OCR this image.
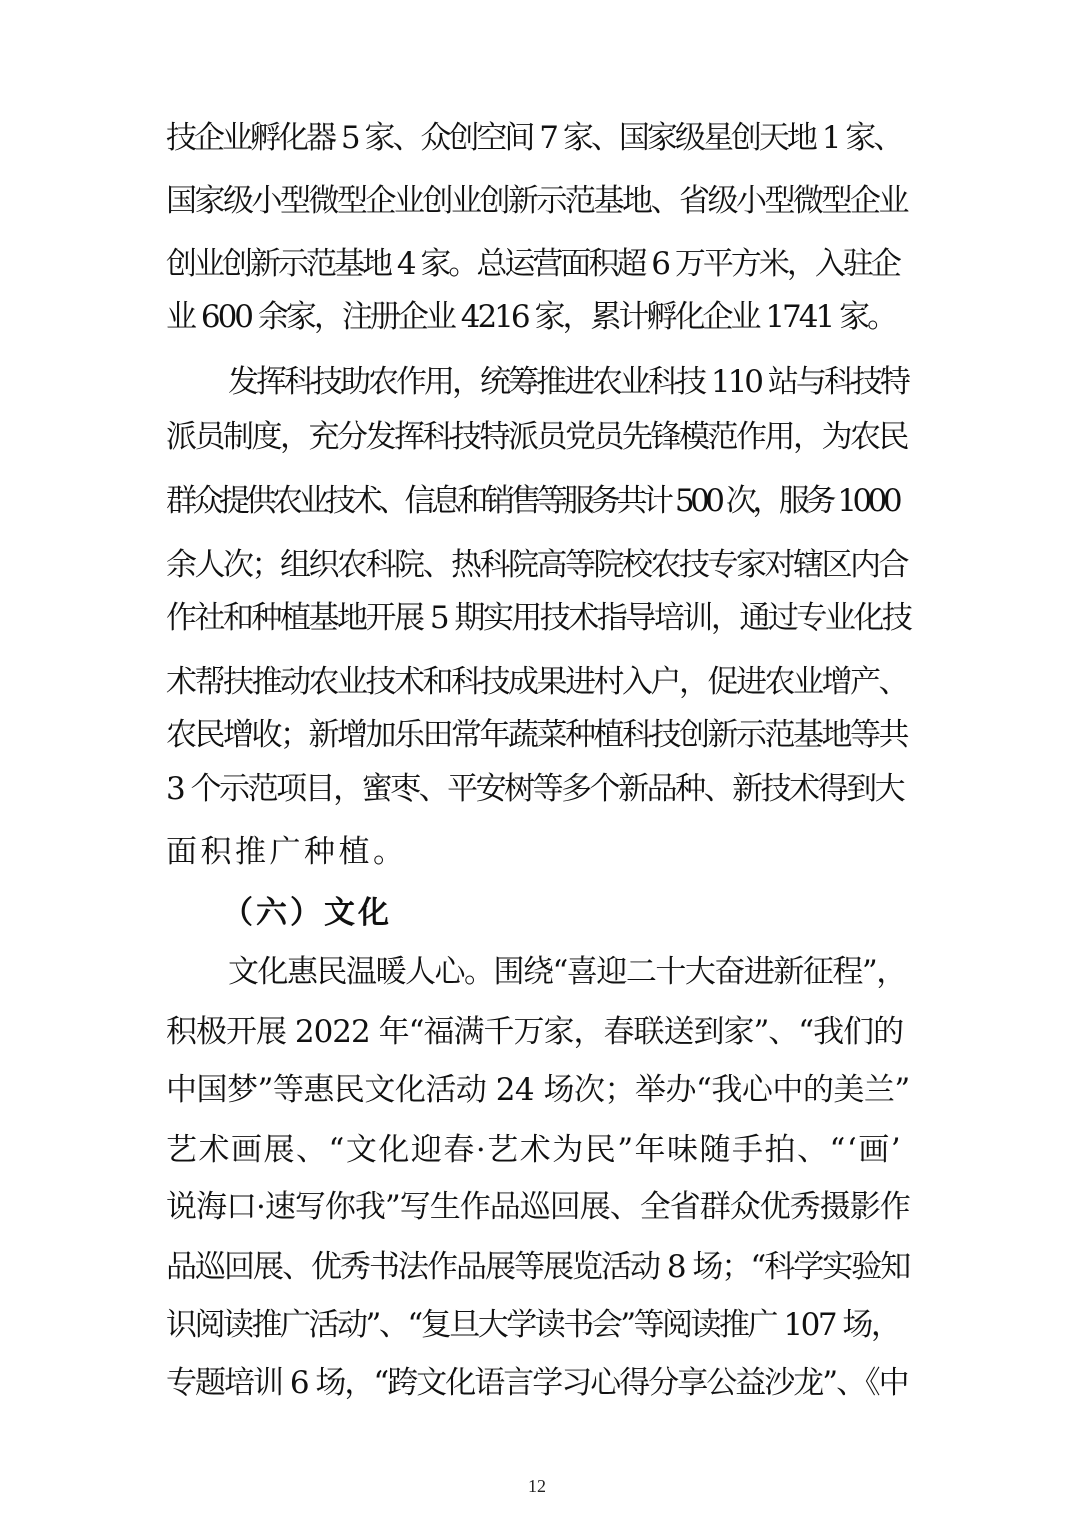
技企业孵化器 5 家、众创空间 7 家、国家级星创天地 1 家、
国家级小型微型企业创业创新示范基地、省级小型微型企业
创业创新示范基地 4 家。总运营面积超 6 万平方米，入驻企
业 600 余家，注册企业 4216 家，累计孵化企业 1741 家。
发挥科技助农作用，统筹推进农业科技 110 站与科技特
派员制度，充分发挥科技特派员党员先锋模范作用，为农民
群众提供农业技术、信息和销售等服务共计 500 次，服务 1000
余人次；组织农科院、热科院高等院校农技专家对辖区内合
作社和种植基地开展 5 期实用技术指导培训，通过专业化技
术帮扶推动农业技术和科技成果进村入户，促进农业增产、
农民增收；新增加乐田常年蔬菜种植科技创新示范基地等共
3 个示范项目，蜜枣、平安树等多个新品种、新技术得到大
面积推广种植。
（六）文化
文化惠民温暖人心。围绕“喜迎二十大奋进新征程”，
积极开展 2022 年“福满千万家，春联送到家”、“我们的
中国梦”等惠民文化活动 24 场次；举办“我心中的美兰”
艺术画展、“文化迎春·艺术为民”年味随手拍、“‘画’
说海口·速写你我”写生作品巡回展、全省群众优秀摄影作
品巡回展、优秀书法作品展等展览活动 8 场；“科学实验知
识阅读推广活动”、“复旦大学读书会”等阅读推广 107 场，
专题培训 6 场，“跨文化语言学习心得分享公益沙龙”、《中
12
